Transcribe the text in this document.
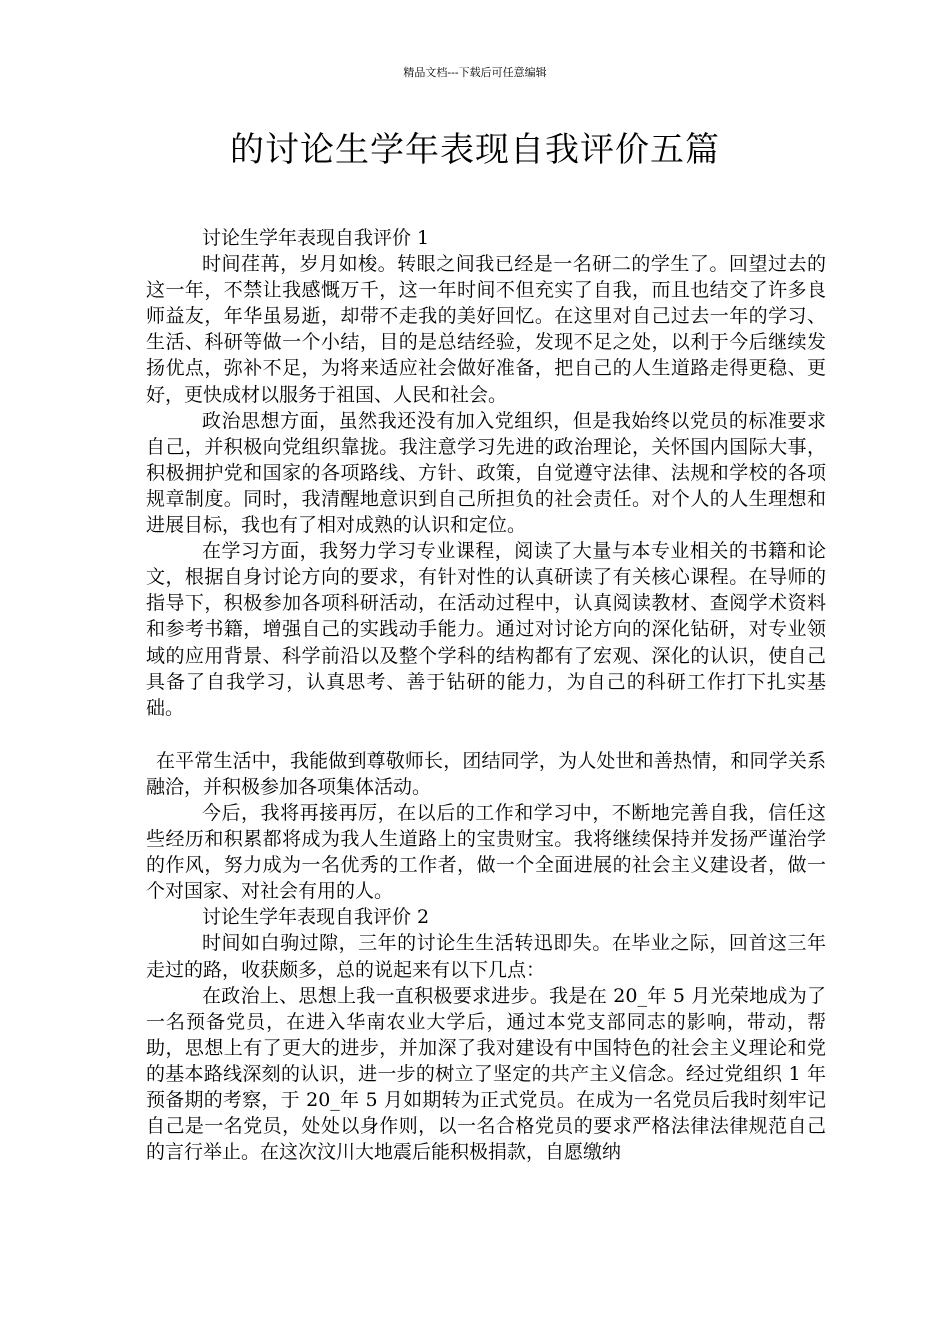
精品文档---下载后可任意编辑
的讨论生学年表现自我评价五篇

讨论生学年表现自我评价 1

时间荏苒，岁月如梭。转眼之间我已经是一名研二的学生了。回望过去的这一年，不禁让我感慨万千，这一年时间不但充实了自我，而且也结交了许多良师益友，年华虽易逝，却带不走我的美好回忆。在这里对自己过去一年的学习、生活、科研等做一个小结，目的是总结经验，发现不足之处，以利于今后继续发扬优点，弥补不足，为将来适应社会做好准备，把自己的人生道路走得更稳、更好，更快成材以服务于祖国、人民和社会。

政治思想方面，虽然我还没有加入党组织，但是我始终以党员的标准要求自己，并积极向党组织靠拢。我注意学习先进的政治理论，关怀国内国际大事，积极拥护党和国家的各项路线、方针、政策，自觉遵守法律、法规和学校的各项规章制度。同时，我清醒地意识到自己所担负的社会责任。对个人的人生理想和进展目标，我也有了相对成熟的认识和定位。

在学习方面，我努力学习专业课程，阅读了大量与本专业相关的书籍和论文，根据自身讨论方向的要求，有针对性的认真研读了有关核心课程。在导师的指导下，积极参加各项科研活动，在活动过程中，认真阅读教材、查阅学术资料和参考书籍，增强自己的实践动手能力。通过对讨论方向的深化钻研，对专业领域的应用背景、科学前沿以及整个学科的结构都有了宏观、深化的认识，使自己具备了自我学习，认真思考、善于钻研的能力，为自己的科研工作打下扎实基础。

在平常生活中，我能做到尊敬师长，团结同学，为人处世和善热情，和同学关系融洽，并积极参加各项集体活动。

今后，我将再接再厉，在以后的工作和学习中，不断地完善自我，信任这些经历和积累都将成为我人生道路上的宝贵财宝。我将继续保持并发扬严谨治学的作风，努力成为一名优秀的工作者，做一个全面进展的社会主义建设者，做一个对国家、对社会有用的人。

讨论生学年表现自我评价 2

时间如白驹过隙，三年的讨论生生活转迅即失。在毕业之际，回首这三年走过的路，收获颇多，总的说起来有以下几点：

在政治上、思想上我一直积极要求进步。我是在 20_年 5 月光荣地成为了一名预备党员，在进入华南农业大学后，通过本党支部同志的影响，带动，帮助，思想上有了更大的进步，并加深了我对建设有中国特色的社会主义理论和党的基本路线深刻的认识，进一步的树立了坚定的共产主义信念。经过党组织 1 年预备期的考察，于 20_年 5 月如期转为正式党员。在成为一名党员后我时刻牢记自己是一名党员，处处以身作则，以一名合格党员的要求严格法律法律规范自己的言行举止。在这次汶川大地震后能积极捐款，自愿缴纳
